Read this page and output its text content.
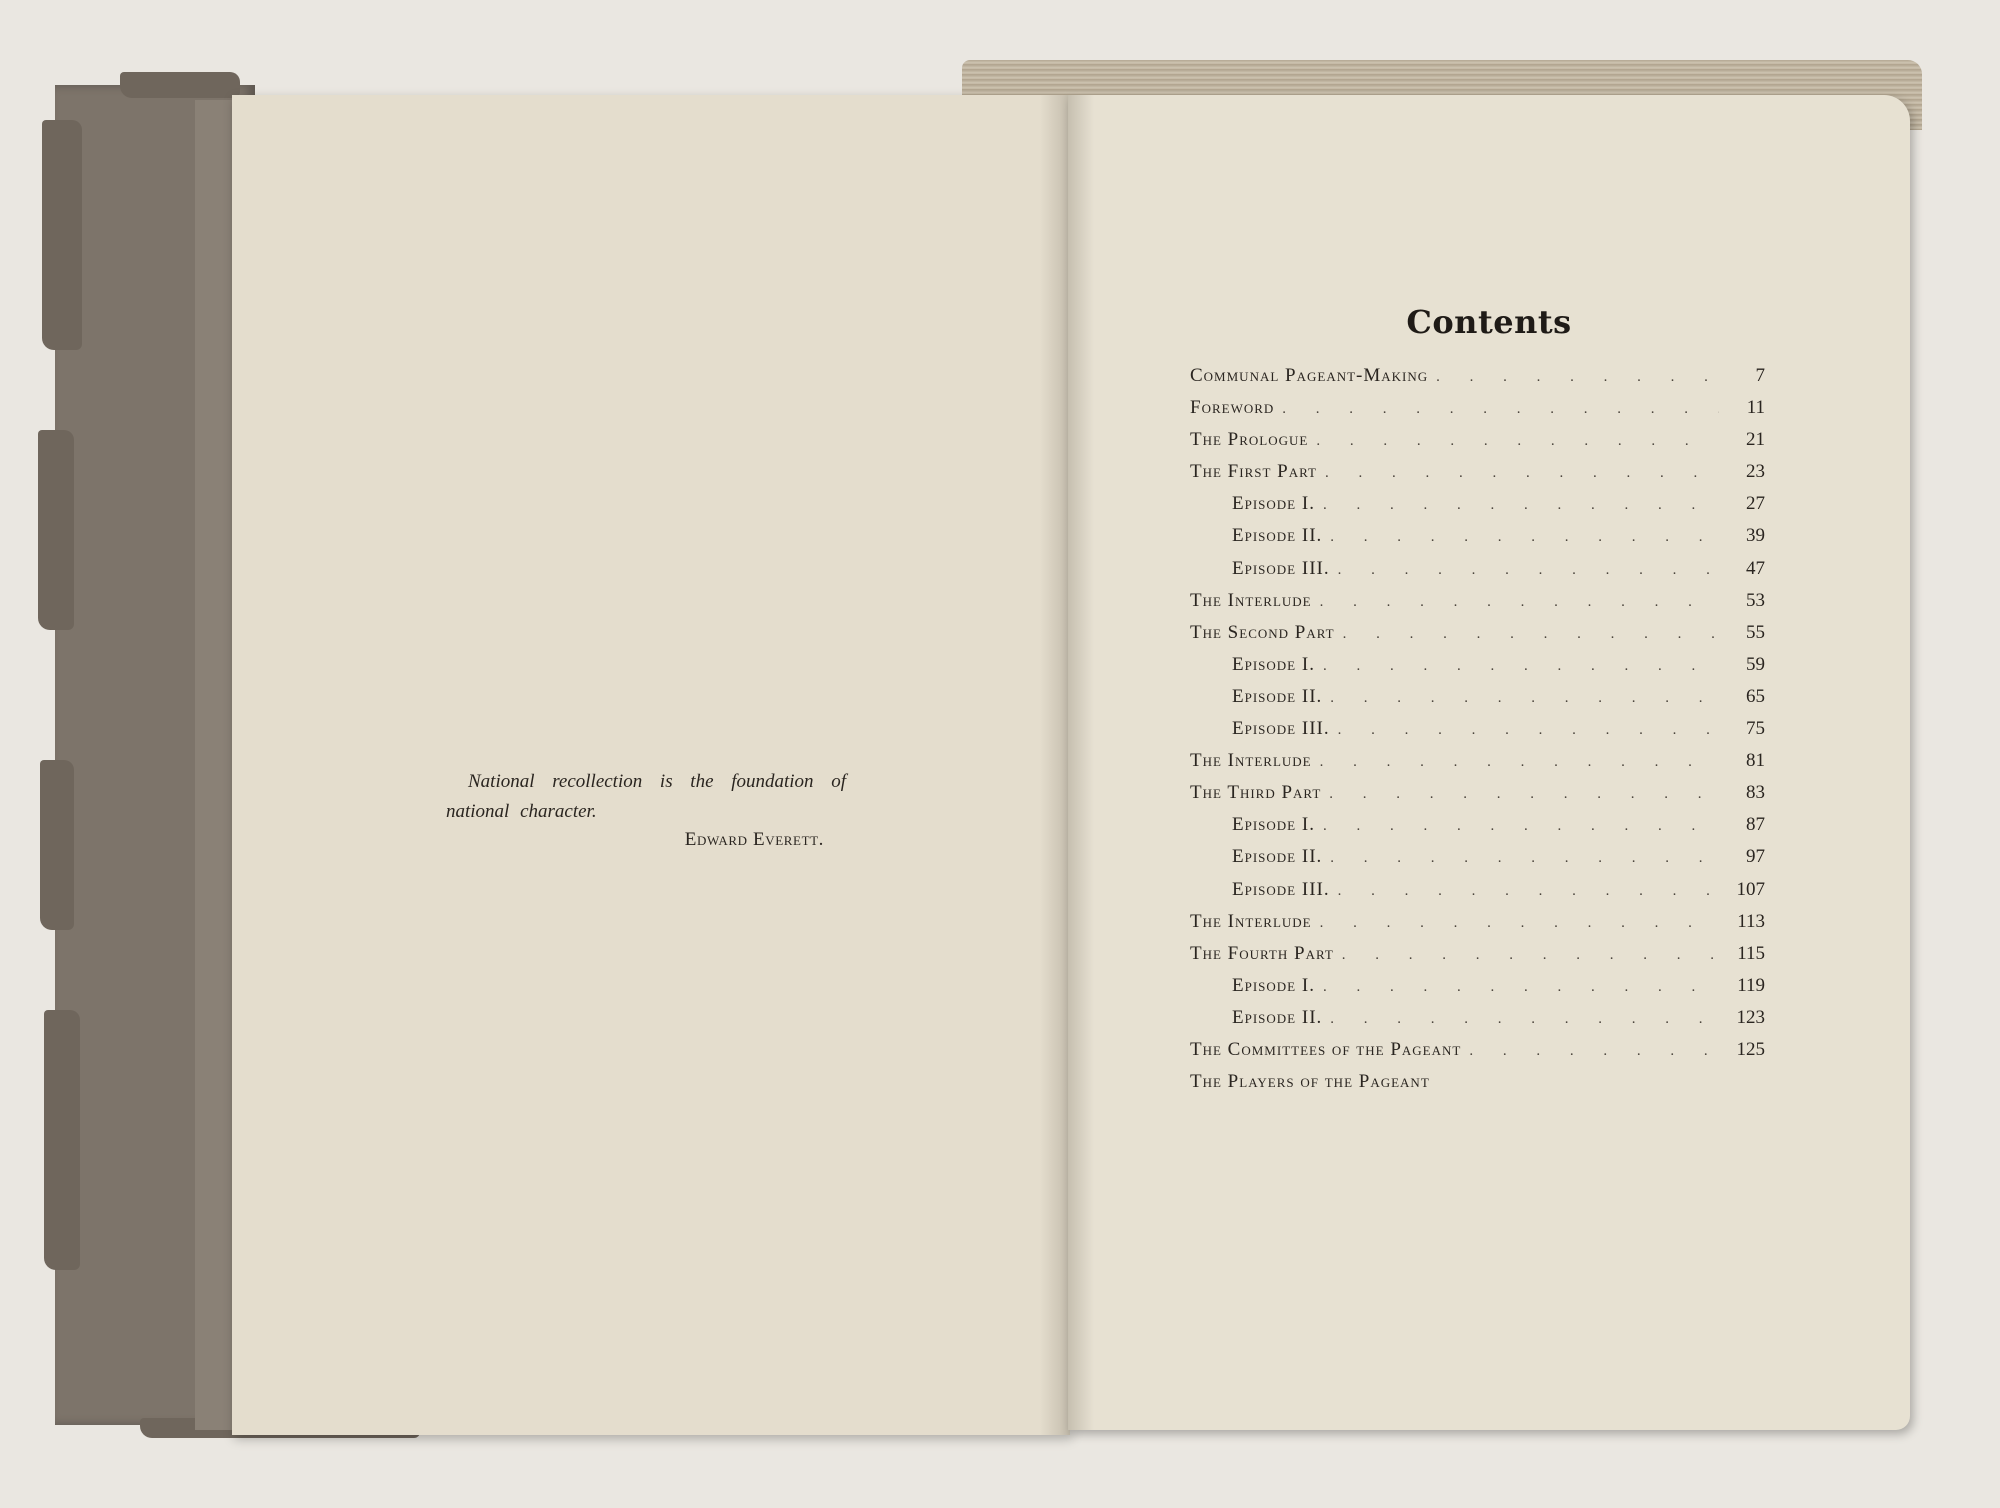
National recollection is the foundation of national character.

Edward Everett.

Contents
Communal Pageant-Making . . .	7
Foreword . . .	11
The Prologue . . .	21
The First Part . . .	23
Episode I. . . .	27
Episode II. . . .	39
Episode III. . . .	47
The Interlude . . .	53
The Second Part . . .	55
Episode I. . . .	59
Episode II. . . .	65
Episode III. . . .	75
The Interlude . . .	81
The Third Part . . .	83
Episode I. . . .	87
Episode II. . . .	97
Episode III. . . .	107
The Interlude . . .	113
The Fourth Part . . .	115
Episode I. . . .	119
Episode II. . . .	123
The Committees of the Pageant . . .	125
The Players of the Pageant
